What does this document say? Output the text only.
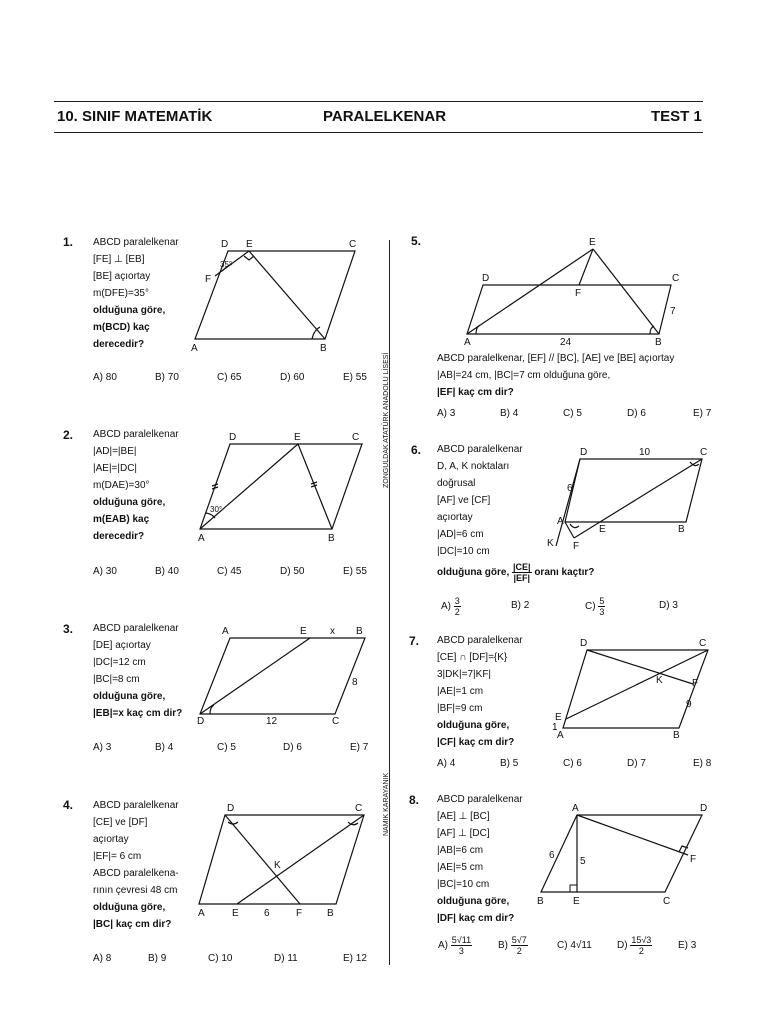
10. SINIF MATEMATİK	PARALELKENAR	TEST 1
ZONGULDAK ATATÜRK ANADOLU LİSESİ
NAMIK KARAYANIK
1. ABCD paralelkenar
[FE] ⊥ [EB]
[BE] açıortay
m(DFE)=35°
olduğuna göre,
m(BCD) kaç
derecedir?
D E	C
F
A	B
35°
A) 80	B) 70	C) 65	D) 60	E) 55
2. ABCD paralelkenar
|AD|=|BE|
|AE|=|DC|
m(DAE)=30°
olduğuna göre,
m(EAB) kaç
derecedir?
D	E	C
A	B
30°
A) 30	B) 40	C) 45	D) 50	E) 55
3. ABCD paralelkenar
[DE] açıortay
|DC|=12 cm
|BC|=8 cm
olduğuna göre,
|EB|=x kaç cm dir?
A	E x B
8
12
D	C
A) 3	B) 4	C) 5	D) 6	E) 7
4. ABCD paralelkenar
[CE] ve [DF]
açıortay
|EF|= 6 cm
ABCD paralelkena-
rının çevresi 48 cm
olduğuna göre,
|BC| kaç cm dir?
D	C
K
A	E	6	F B
A) 8	B) 9	C) 10	D) 11	E) 12
5.	E
D	C
F
7
A	24	B
ABCD paralelkenar, [EF] // [BC], [AE] ve [BE] açıortay
|AB|=24 cm, |BC|=7 cm olduğuna göre,
|EF| kaç cm dir?
A) 3	B) 4	C) 5	D) 6	E) 7
6. ABCD paralelkenar
D, A, K noktaları
doğrusal
[AF] ve [CF]
açıortay
|AD|=6 cm
|DC|=10 cm
olduğuna göre, $\frac{|CE|}{|EF|}$ oranı kaçtır?
D	10	C
6
A
E	B
K F
$A) \frac{3}{2}$	B) 2	$C) \frac{5}{3}$	D) 3
7. ABCD paralelkenar
[CE] ∩ [DF]={K}
3|DK|=7|KF|
|AE|=1 cm
|BF|=9 cm
olduğuna göre,
|CF| kaç cm dir?
D	C
K	F
9
E
1
A	B
A) 4	B) 5	C) 6	D) 7	E) 8
8. ABCD paralelkenar
[AE] ⊥ [BC]
[AF] ⊥ [DC]
|AB|=6 cm
|AE|=5 cm
|BC|=10 cm
olduğuna göre,
|DF| kaç cm dir?
A	D
6
5	F
B	E	C
$A) \frac{5√11}{3}$	$B) \frac{5√7}{2}$	C) 4√11	$D) \frac{15√3}{2}$	E) 3
